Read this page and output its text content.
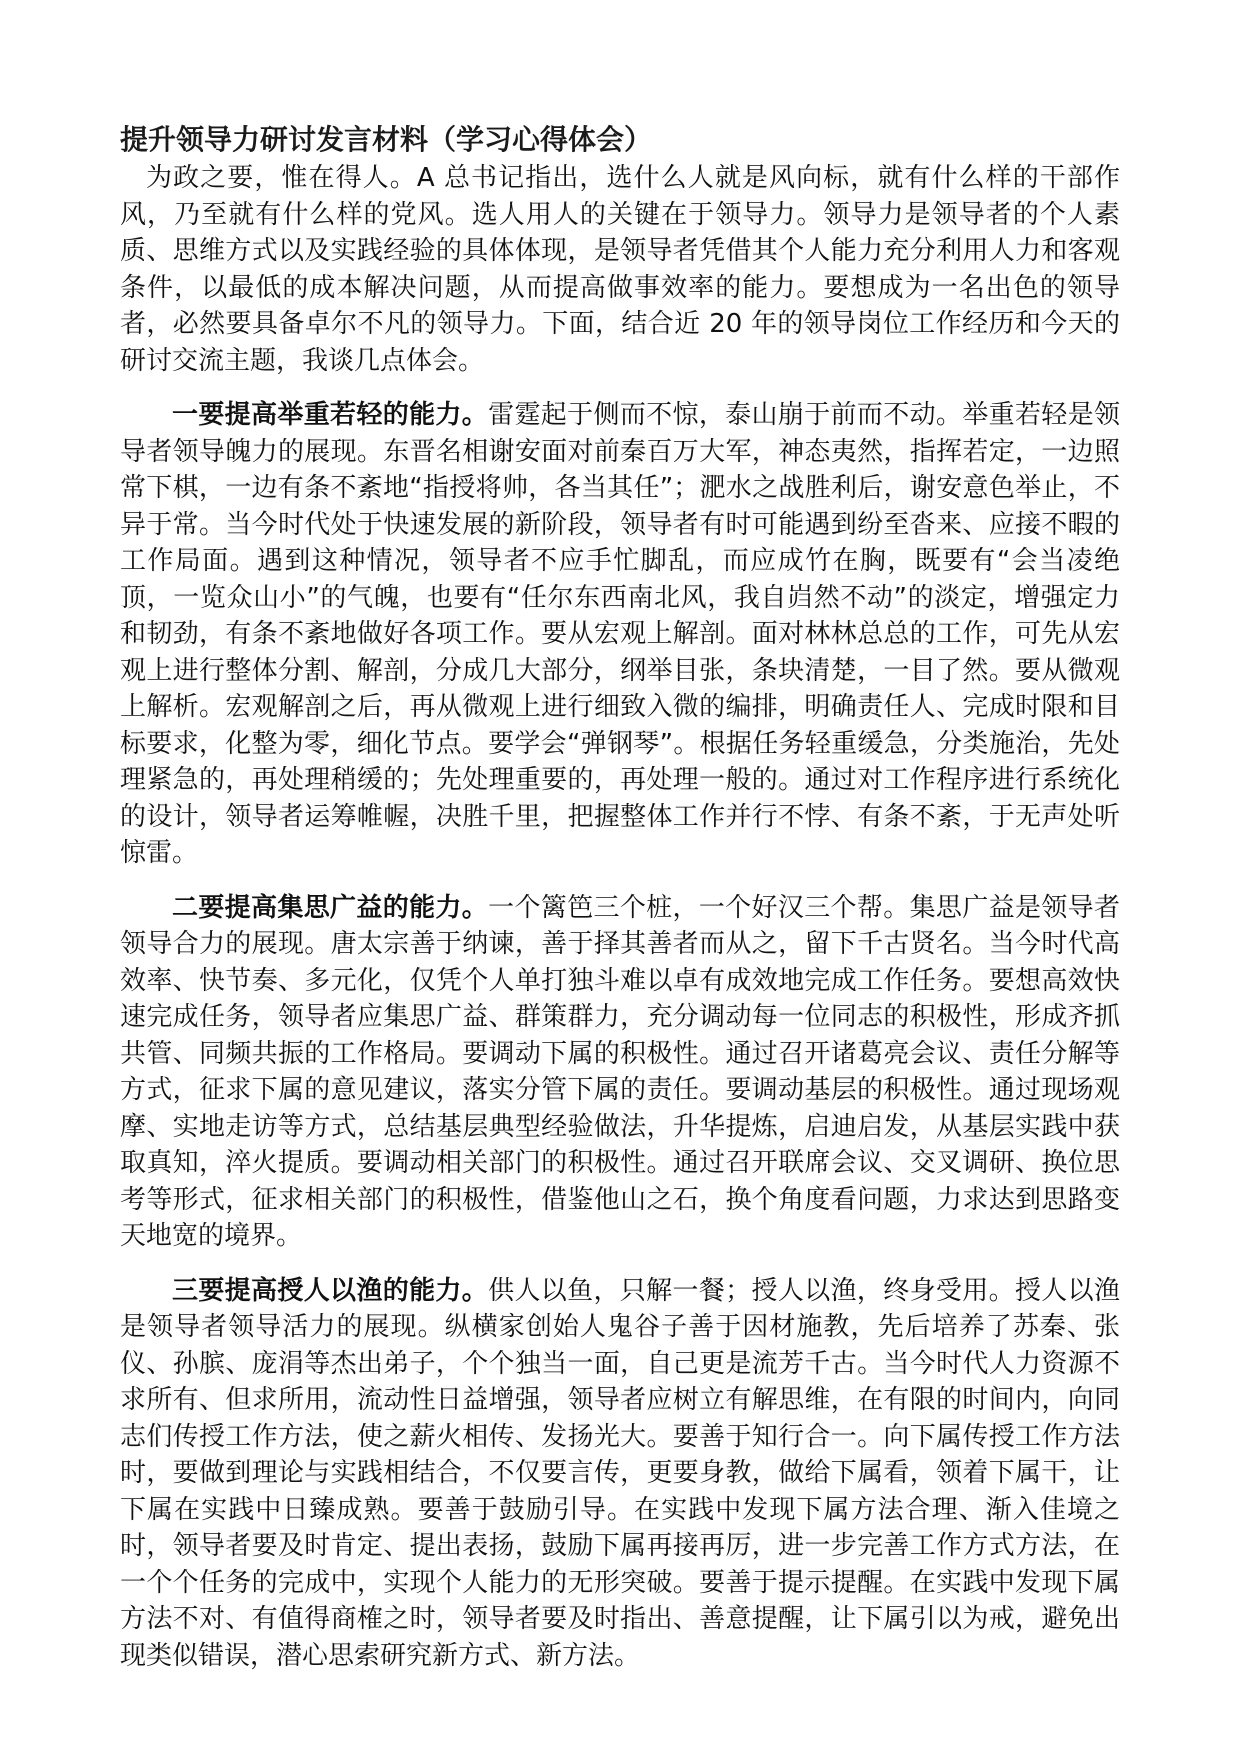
提升领导力研讨发言材料（学习心得体会）

为政之要，惟在得人。A 总书记指出，选什么人就是风向标，就有什么样的干部作风，乃至就有什么样的党风。选人用人的关键在于领导力。领导力是领导者的个人素质、思维方式以及实践经验的具体体现，是领导者凭借其个人能力充分利用人力和客观条件，以最低的成本解决问题，从而提高做事效率的能力。要想成为一名出色的领导者，必然要具备卓尔不凡的领导力。下面，结合近 20 年的领导岗位工作经历和今天的研讨交流主题，我谈几点体会。

一要提高举重若轻的能力。雷霆起于侧而不惊，泰山崩于前而不动。举重若轻是领导者领导魄力的展现。东晋名相谢安面对前秦百万大军，神态夷然，指挥若定，一边照常下棋，一边有条不紊地“指授将帅，各当其任”；淝水之战胜利后，谢安意色举止，不异于常。当今时代处于快速发展的新阶段，领导者有时可能遇到纷至沓来、应接不暇的工作局面。遇到这种情况，领导者不应手忙脚乱，而应成竹在胸，既要有“会当凌绝顶，一览众山小”的气魄，也要有“任尔东西南北风，我自岿然不动”的淡定，增强定力和韧劲，有条不紊地做好各项工作。要从宏观上解剖。面对林林总总的工作，可先从宏观上进行整体分割、解剖，分成几大部分，纲举目张，条块清楚，一目了然。要从微观上解析。宏观解剖之后，再从微观上进行细致入微的编排，明确责任人、完成时限和目标要求，化整为零，细化节点。要学会“弹钢琴”。根据任务轻重缓急，分类施治，先处理紧急的，再处理稍缓的；先处理重要的，再处理一般的。通过对工作程序进行系统化的设计，领导者运筹帷幄，决胜千里，把握整体工作并行不悖、有条不紊，于无声处听惊雷。

二要提高集思广益的能力。一个篱笆三个桩，一个好汉三个帮。集思广益是领导者领导合力的展现。唐太宗善于纳谏，善于择其善者而从之，留下千古贤名。当今时代高效率、快节奏、多元化，仅凭个人单打独斗难以卓有成效地完成工作任务。要想高效快速完成任务，领导者应集思广益、群策群力，充分调动每一位同志的积极性，形成齐抓共管、同频共振的工作格局。要调动下属的积极性。通过召开诸葛亮会议、责任分解等方式，征求下属的意见建议，落实分管下属的责任。要调动基层的积极性。通过现场观摩、实地走访等方式，总结基层典型经验做法，升华提炼，启迪启发，从基层实践中获取真知，淬火提质。要调动相关部门的积极性。通过召开联席会议、交叉调研、换位思考等形式，征求相关部门的积极性，借鉴他山之石，换个角度看问题，力求达到思路变天地宽的境界。

三要提高授人以渔的能力。供人以鱼，只解一餐；授人以渔，终身受用。授人以渔是领导者领导活力的展现。纵横家创始人鬼谷子善于因材施教，先后培养了苏秦、张仪、孙膑、庞涓等杰出弟子，个个独当一面，自己更是流芳千古。当今时代人力资源不求所有、但求所用，流动性日益增强，领导者应树立有解思维，在有限的时间内，向同志们传授工作方法，使之薪火相传、发扬光大。要善于知行合一。向下属传授工作方法时，要做到理论与实践相结合，不仅要言传，更要身教，做给下属看，领着下属干，让下属在实践中日臻成熟。要善于鼓励引导。在实践中发现下属方法合理、渐入佳境之时，领导者要及时肯定、提出表扬，鼓励下属再接再厉，进一步完善工作方式方法，在一个个任务的完成中，实现个人能力的无形突破。要善于提示提醒。在实践中发现下属方法不对、有值得商榷之时，领导者要及时指出、善意提醒，让下属引以为戒，避免出现类似错误，潜心思索研究新方式、新方法。
